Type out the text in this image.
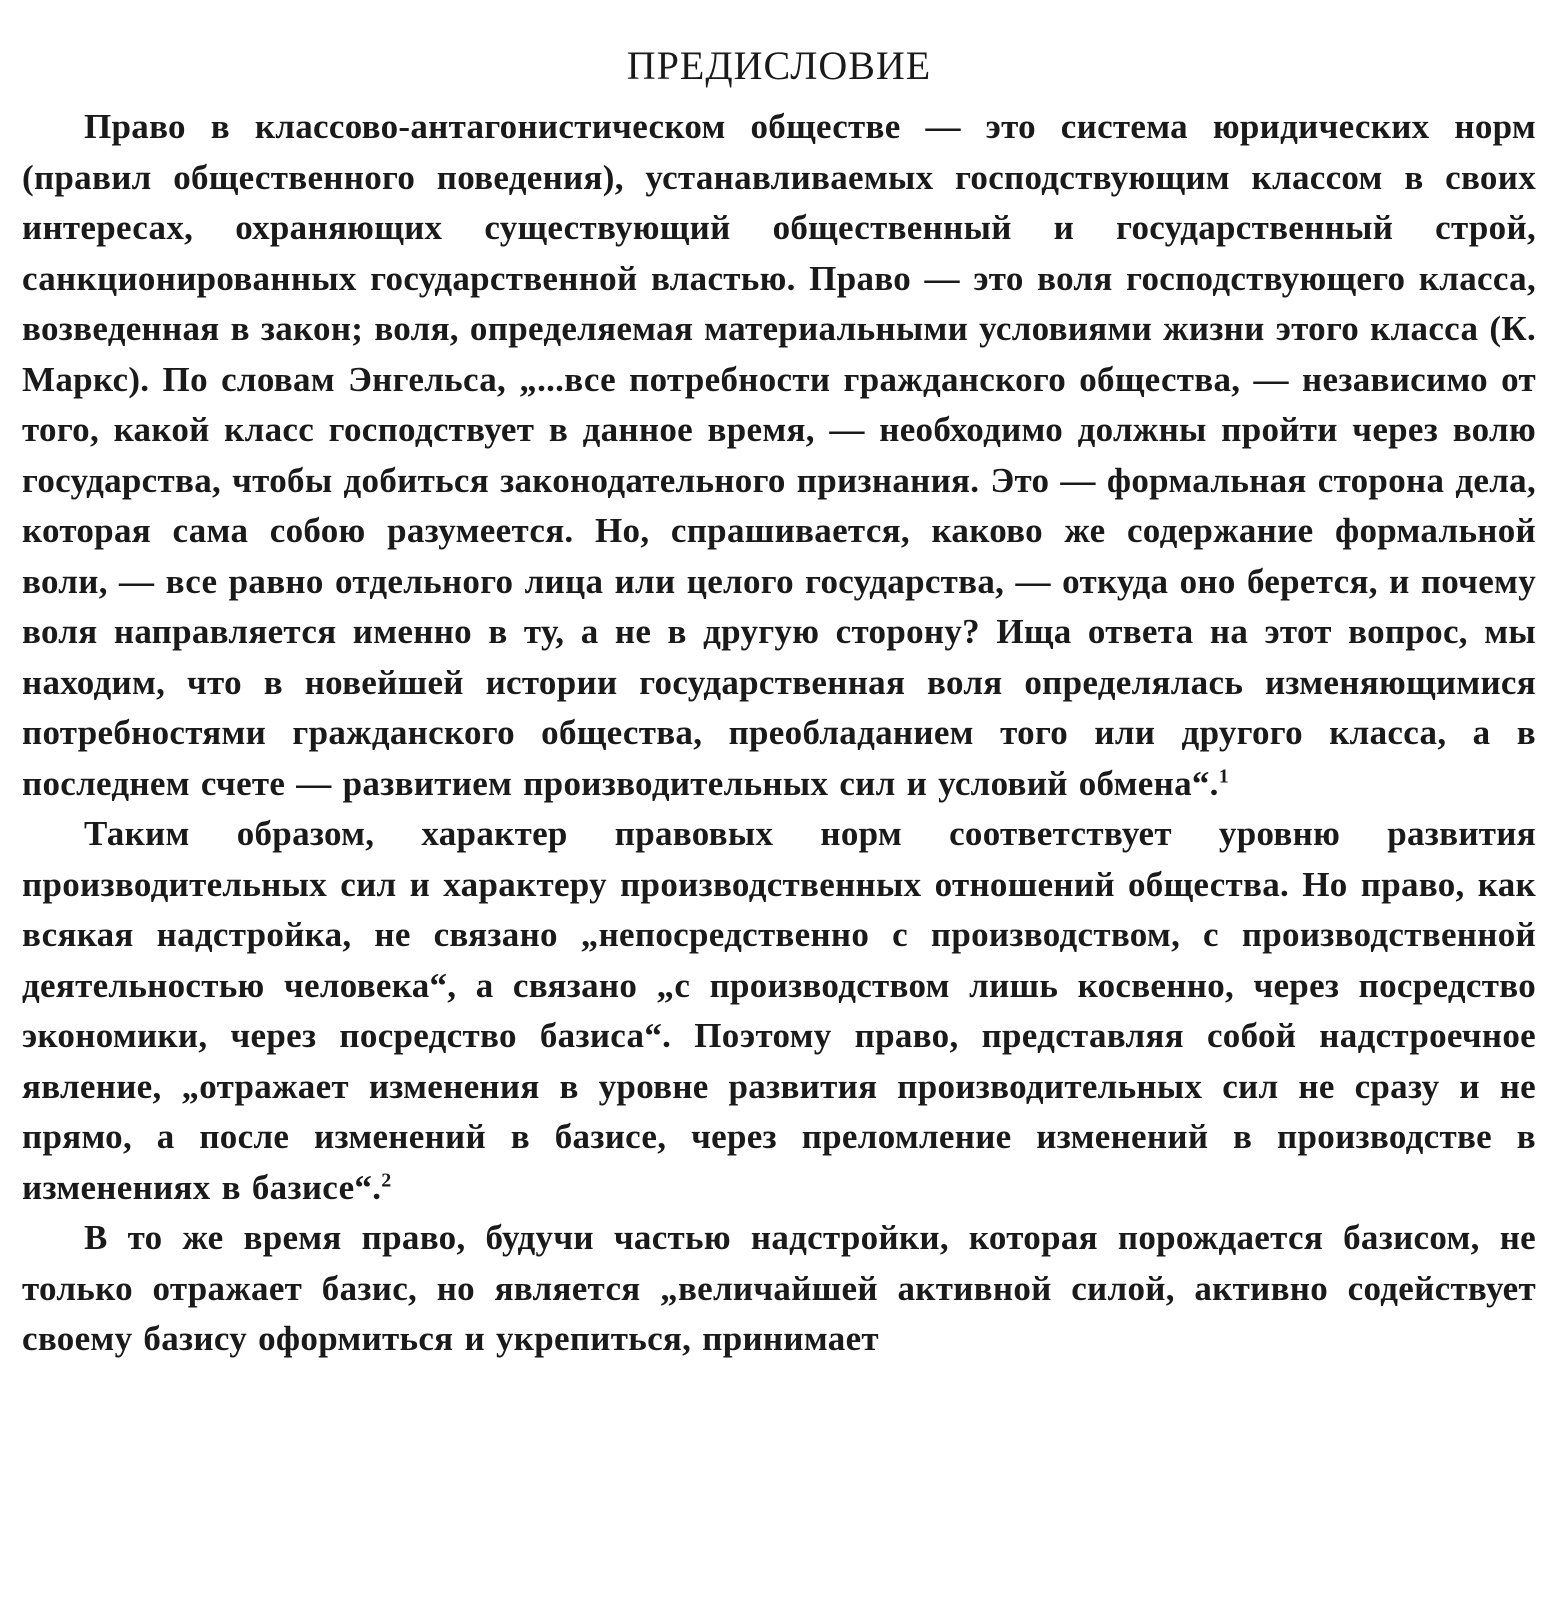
ПРЕДИСЛОВИЕ

Право в классово-антагонистическом обществе — это система юридических норм (правил общественного поведения), устанавливаемых господствующим классом в своих интересах, охраняющих существующий общественный и государственный строй, санкционированных государственной властью. Право — это воля господствующего класса, возведенная в закон; воля, определяемая материальными условиями жизни этого класса (К. Маркс). По словам Энгельса, „...все потребности гражданского общества, — независимо от того, какой класс господствует в данное время, — необходимо должны пройти через волю государства, чтобы добиться законодательного признания. Это — формальная сторона дела, которая сама собою разумеется. Но, спрашивается, каково же содержание формальной воли, — все равно отдельного лица или целого государства, — откуда оно берется, и почему воля направляется именно в ту, а не в другую сторону? Ища ответа на этот вопрос, мы находим, что в новейшей истории государственная воля определялась изменяющимися потребностями гражданского общества, преобладанием того или другого класса, а в последнем счете — развитием производительных сил и условий обмена“.$^1$

Таким образом, характер правовых норм соответствует уровню развития производительных сил и характеру производственных отношений общества. Но право, как всякая надстройка, не связано „непосредственно с производством, с производственной деятельностью человека“, а связано „с производством лишь косвенно, через посредство экономики, через посредство базиса“. Поэтому право, представляя собой надстроечное явление, „отражает изменения в уровне развития производительных сил не сразу и не прямо, а после изменений в базисе, через преломление изменений в производстве в изменениях в базисе“.$^2$

В то же время право, будучи частью надстройки, которая порождается базисом, не только отражает базис, но является „величайшей активной силой, активно содействует своему базису оформиться и укрепиться, принимает
